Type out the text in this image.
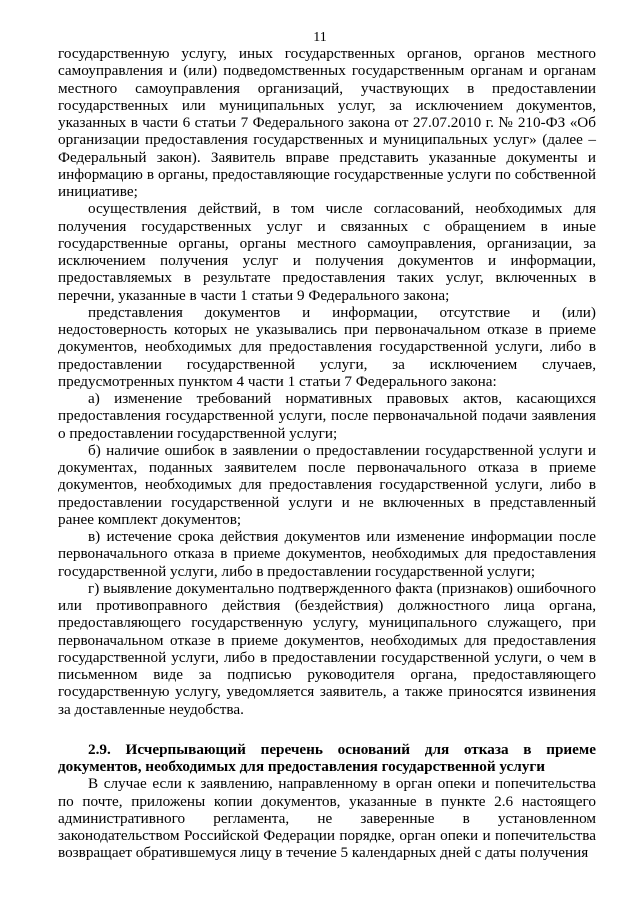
11

государственную услугу, иных государственных органов, органов местного самоуправления и (или) подведомственных государственным органам и органам местного самоуправления организаций, участвующих в предоставлении государственных или муниципальных услуг, за исключением документов, указанных в части 6 статьи 7 Федерального закона от 27.07.2010 г. № 210-ФЗ «Об организации предоставления государственных и муниципальных услуг» (далее – Федеральный закон). Заявитель вправе представить указанные документы и информацию в органы, предоставляющие государственные услуги по собственной инициативе;

осуществления действий, в том числе согласований, необходимых для получения государственных услуг и связанных с обращением в иные государственные органы, органы местного самоуправления, организации, за исключением получения услуг и получения документов и информации, предоставляемых в результате предоставления таких услуг, включенных в перечни, указанные в части 1 статьи 9 Федерального закона;

представления документов и информации, отсутствие и (или) недостоверность которых не указывались при первоначальном отказе в приеме документов, необходимых для предоставления государственной услуги, либо в предоставлении государственной услуги, за исключением случаев, предусмотренных пунктом 4 части 1 статьи 7 Федерального закона:

а) изменение требований нормативных правовых актов, касающихся предоставления государственной услуги, после первоначальной подачи заявления о предоставлении государственной услуги;

б) наличие ошибок в заявлении о предоставлении государственной услуги и документах, поданных заявителем после первоначального отказа в приеме документов, необходимых для предоставления государственной услуги, либо в предоставлении государственной услуги и не включенных в представленный ранее комплект документов;

в) истечение срока действия документов или изменение информации после первоначального отказа в приеме документов, необходимых для предоставления государственной услуги, либо в предоставлении государственной услуги;

г) выявление документально подтвержденного факта (признаков) ошибочного или противоправного действия (бездействия) должностного лица органа, предоставляющего государственную услугу, муниципального служащего, при первоначальном отказе в приеме документов, необходимых для предоставления государственной услуги, либо в предоставлении государственной услуги, о чем в письменном виде за подписью руководителя органа, предоставляющего государственную услугу, уведомляется заявитель, а также приносятся извинения за доставленные неудобства.

2.9. Исчерпывающий перечень оснований для отказа в приеме документов, необходимых для предоставления государственной услуги

В случае если к заявлению, направленному в орган опеки и попечительства по почте, приложены копии документов, указанные в пункте 2.6 настоящего административного регламента, не заверенные в установленном законодательством Российской Федерации порядке, орган опеки и попечительства возвращает обратившемуся лицу в течение 5 календарных дней с даты получения
